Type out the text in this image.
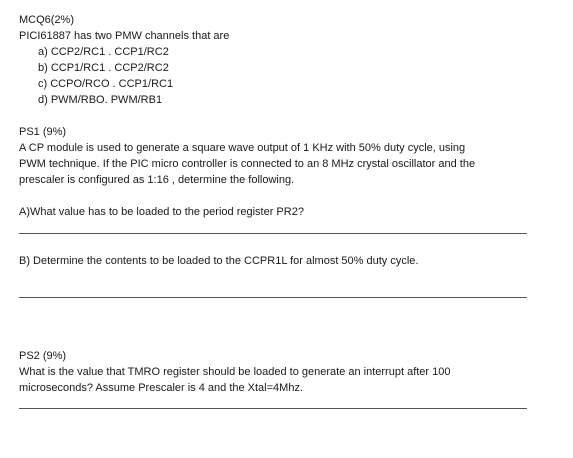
MCQ6(2%)
PICI61887 has two PMW channels that are
a) CCP2/RC1 . CCP1/RC2
b) CCP1/RC1 . CCP2/RC2
c) CCPO/RCO . CCP1/RC1
d) PWM/RBO. PWM/RB1
PS1 (9%)
A CP module is used to generate a square wave output of 1 KHz with 50% duty cycle, using
PWM technique. If the PIC micro controller is connected to an 8 MHz crystal oscillator and the
prescaler is configured as 1:16 , determine the following.
A)What value has to be loaded to the period register PR2?
B) Determine the contents to be loaded to the CCPR1L for almost 50% duty cycle.
PS2 (9%)
What is the value that TMRO register should be loaded to generate an interrupt after 100
microseconds? Assume Prescaler is 4 and the Xtal=4Mhz.
